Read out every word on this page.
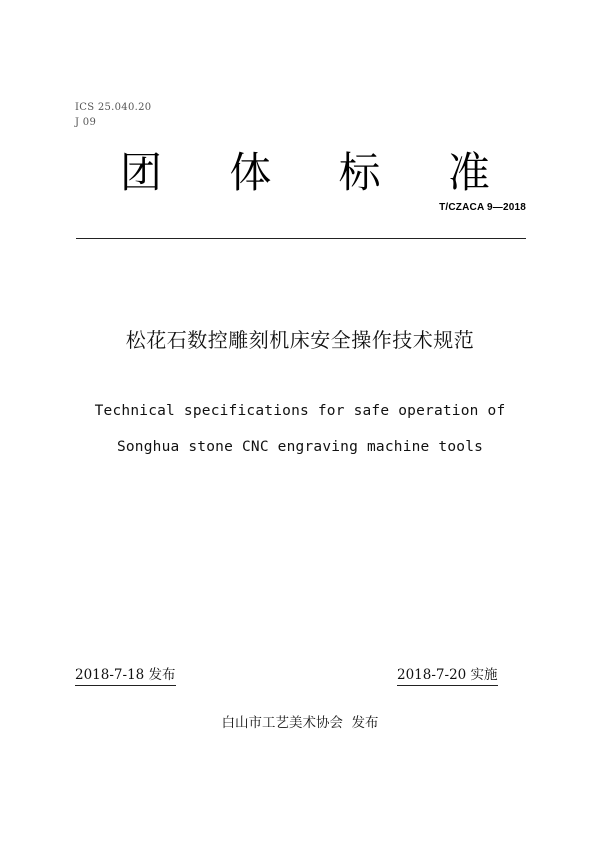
ICS 25.040.20
J 09
团 体 标 准
T/CZACA 9—2018
松花石数控雕刻机床安全操作技术规范
Technical specifications for safe operation of
Songhua stone CNC engraving machine tools
2018-7-18 发布	2018-7-20 实施
白山市工艺美术协会  发布
